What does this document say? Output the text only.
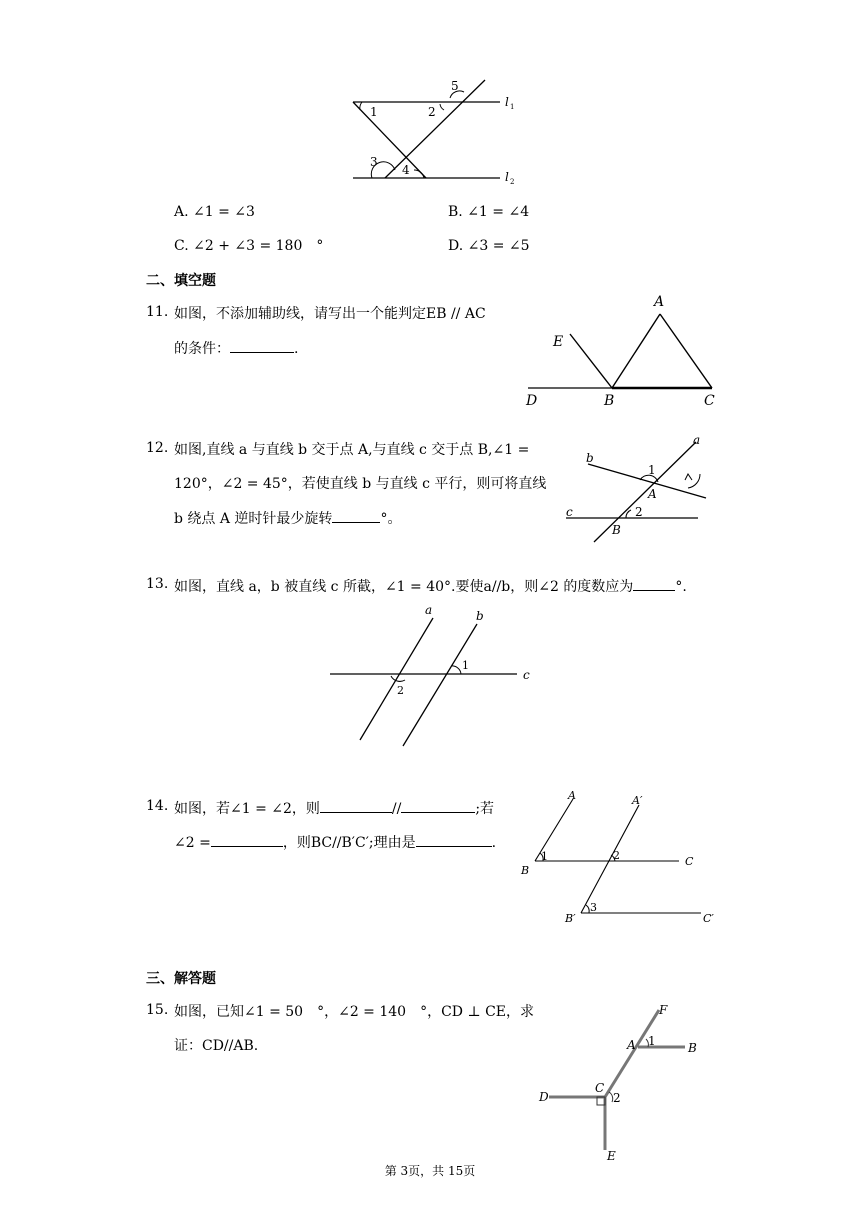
1	2
3
4
5
l 1
l 2
A. ∠1 = ∠3	B. ∠1 = ∠4
C. ∠2 + ∠3 = 180　°	D. ∠3 = ∠5
二、填空题
11. 如图，不添加辅助线，请写出一个能判定EB // AC
的条件：	.
A
E
D	B	C
12. 如图,直线 a 与直线 b 交于点 A,与直线 c 交于点 B,∠1 =
120°，∠2 = 45°，若使直线 b 与直线 c 平行，则可将直线
b 绕点 A 逆时针最少旋转	°。
a
b
c
A
B
1
2
13. 如图，直线 a，b 被直线 c 所截，∠1 = 40°.要使a//b，则∠2 的度数应为	°.
a	b
c
1
2
14. 如图，若∠1 = ∠2，则	//	;若
∠2 =	，则BC//B′C′;理由是	.
A	A′
B
C
B′	C′
1	2
3
三、解答题
15. 如图，已知∠1 = 50　°，∠2 = 140　°，CD ⊥ CE，求
证：CD//AB.
F
A 1	B
C
D	2
E
第 3页，共 15页
